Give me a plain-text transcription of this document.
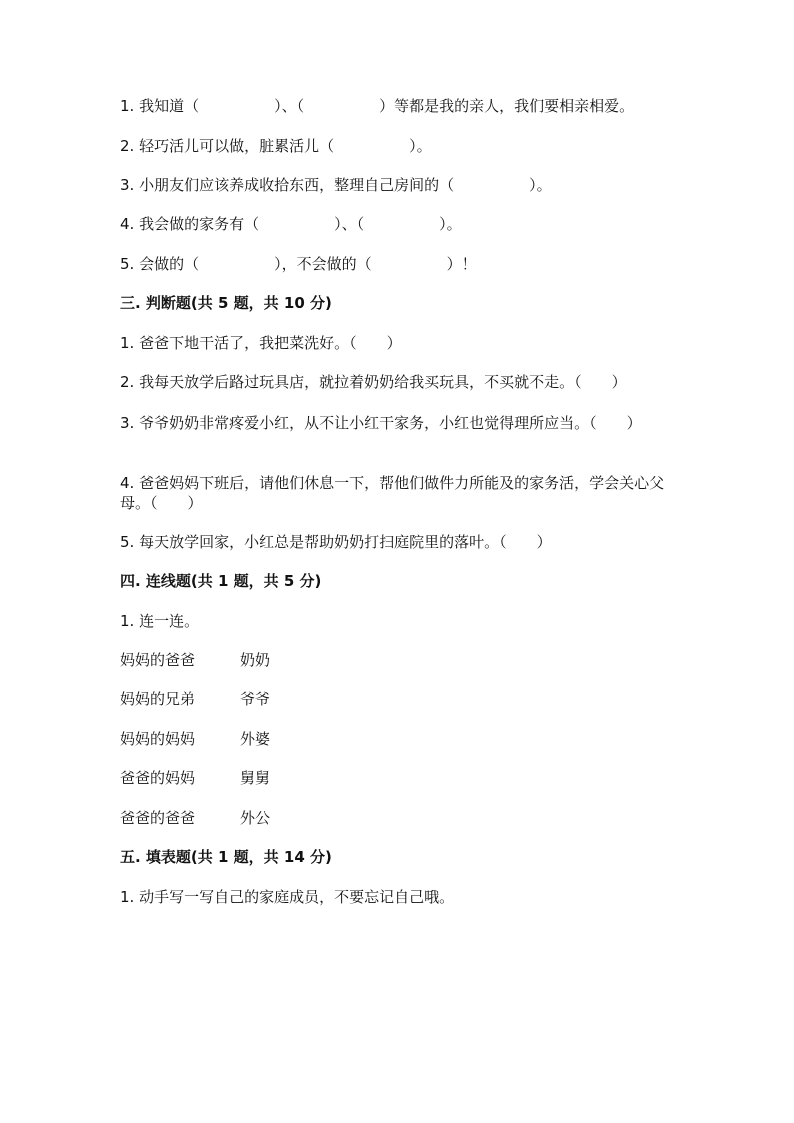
1. 我知道（　　　　　）、（　　　　　）等都是我的亲人，我们要相亲相爱。
2. 轻巧活儿可以做，脏累活儿（　　　　　）。
3. 小朋友们应该养成收拾东西，整理自己房间的（　　　　　）。
4. 我会做的家务有（　　　　　）、（　　　　　）。
5. 会做的（　　　　　），不会做的（　　　　　）！
三. 判断题(共 5 题，共 10 分)
1. 爸爸下地干活了，我把菜洗好。（　　）
2. 我每天放学后路过玩具店，就拉着奶奶给我买玩具，不买就不走。（　　）
3. 爷爷奶奶非常疼爱小红，从不让小红干家务，小红也觉得理所应当。（　　）
4. 爸爸妈妈下班后，请他们休息一下，帮他们做件力所能及的家务活，学会关心父母。（　　）
5. 每天放学回家，小红总是帮助奶奶打扫庭院里的落叶。（　　）
四. 连线题(共 1 题，共 5 分)
1. 连一连。
妈妈的爸爸	奶奶
妈妈的兄弟	爷爷
妈妈的妈妈	外婆
爸爸的妈妈	舅舅
爸爸的爸爸	外公
五. 填表题(共 1 题，共 14 分)
1. 动手写一写自己的家庭成员，不要忘记自己哦。
